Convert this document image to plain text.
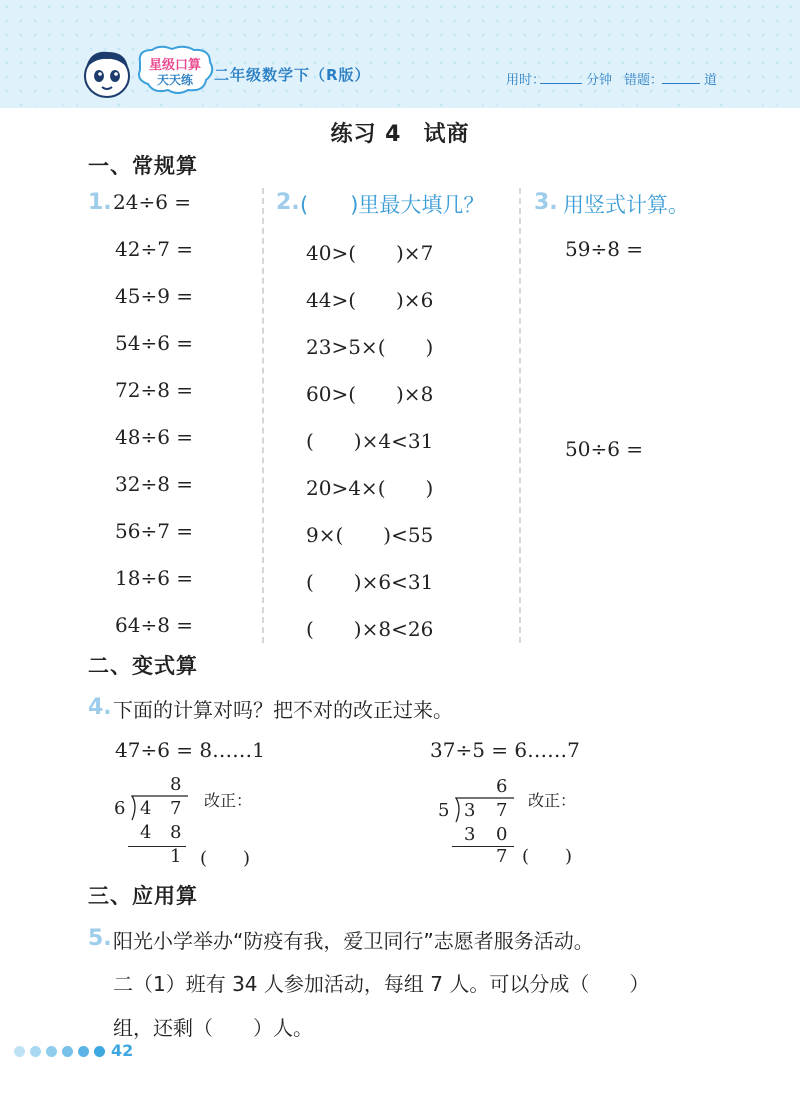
星级口算
天天练	二年级数学下（R版）	用时：	分钟 错题：	道
练习 4 试商
一、常规算
1. 24÷6 =
42÷7 =
45÷9 =
54÷6 =
72÷8 =
48÷6 =
32÷8 =
56÷7 =
18÷6 =
64÷8 =
2. (　　)里最大填几？
40>(　　)×7
44>(　　)×6
23>5×(　　)
60>(　　)×8
(　　)×4<31
20>4×(　　)
9×(　　)<55
(　　)×6<31
(　　)×8<26
3. 用竖式计算。
59÷8 =
50÷6 =
二、变式算
4. 下面的计算对吗？把不对的改正过来。
47÷6 = 8……1	37÷5 = 6……7
8
6 4 7
4 8
1
改正：
(　　)
6
5 3 7
3 0
7
改正：
(　　)
三、应用算
5. 阳光小学举办“防疫有我，爱卫同行”志愿者服务活动。
二（1）班有 34 人参加活动，每组 7 人。可以分成（　　）
组，还剩（　　）人。
42
